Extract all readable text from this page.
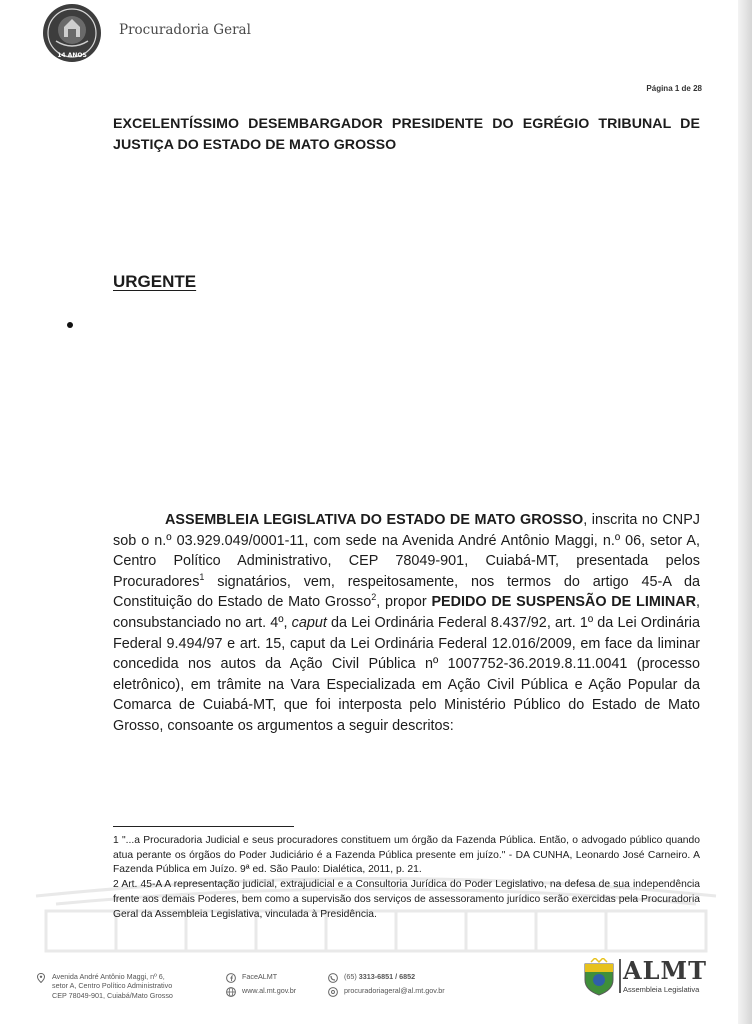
14 ANOS
Procuradoria Geral
Página 1 de 28
EXCELENTÍSSIMO DESEMBARGADOR PRESIDENTE DO EGRÉGIO TRIBUNAL DE JUSTIÇA DO ESTADO DE MATO GROSSO
URGENTE
ASSEMBLEIA LEGISLATIVA DO ESTADO DE MATO GROSSO, inscrita no CNPJ sob o n.º 03.929.049/0001-11, com sede na Avenida André Antônio Maggi, n.º 06, setor A, Centro Político Administrativo, CEP 78049-901, Cuiabá-MT, presentada pelos Procuradores$^1$ signatários, vem, respeitosamente, nos termos do artigo 45-A da Constituição do Estado de Mato Grosso$^2$, propor PEDIDO DE SUSPENSÃO DE LIMINAR, consubstanciado no art. 4º, caput da Lei Ordinária Federal 8.437/92, art. 1º da Lei Ordinária Federal 9.494/97 e art. 15, caput da Lei Ordinária Federal 12.016/2009, em face da liminar concedida nos autos da Ação Civil Pública nº 1007752-36.2019.8.11.0041 (processo eletrônico), em trâmite na Vara Especializada em Ação Civil Pública e Ação Popular da Comarca de Cuiabá-MT, que foi interposta pelo Ministério Público do Estado de Mato Grosso, consoante os argumentos a seguir descritos:

1 "...a Procuradoria Judicial e seus procuradores constituem um órgão da Fazenda Pública. Então, o advogado público quando atua perante os órgãos do Poder Judiciário é a Fazenda Pública presente em juízo." - DA CUNHA, Leonardo José Carneiro. A Fazenda Pública em Juízo. 9ª ed. São Paulo: Dialética, 2011, p. 21.

2 Art. 45-A A representação judicial, extrajudicial e a Consultoria Jurídica do Poder Legislativo, na defesa de sua independência frente aos demais Poderes, bem como a supervisão dos serviços de assessoramento jurídico serão exercidas pela Procuradoria Geral da Assembleia Legislativa, vinculada à Presidência.

Avenida André Antônio Maggi, nº 6,
setor A, Centro Político Administrativo
CEP 78049-901, Cuiabá/Mato Grosso
FaceALMT
www.al.mt.gov.br
(65) 3313-6851 / 6852
procuradoriageral@al.mt.gov.br
ALMT
Assembleia Legislativa
